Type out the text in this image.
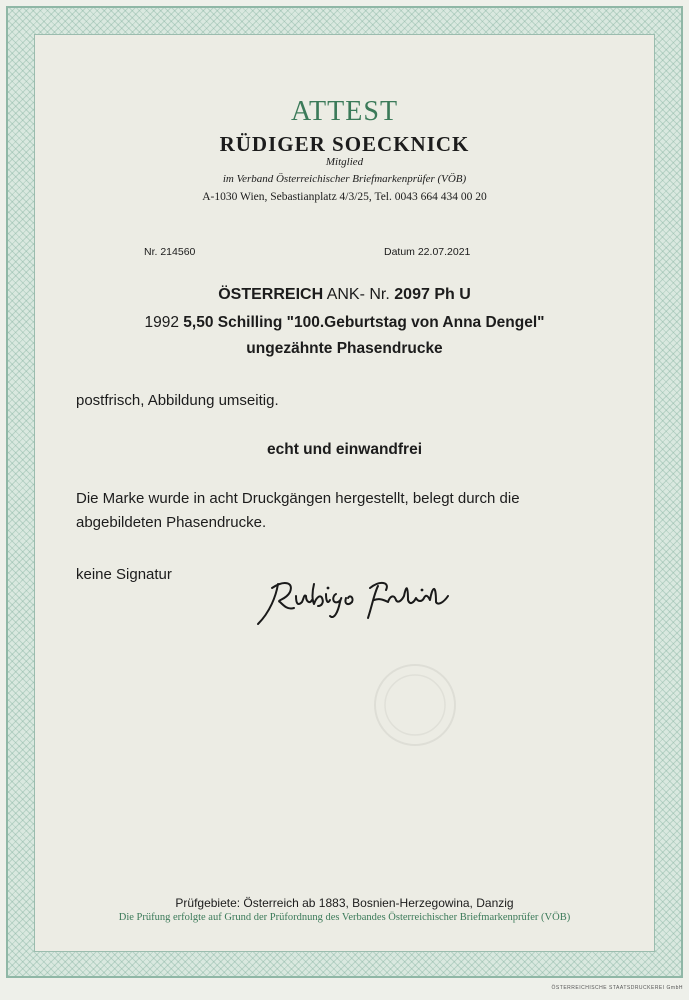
ATTEST
RÜDIGER SOECKNICK
Mitglied
im Verband Österreichischer Briefmarkenprüfer (VÖB)
A-1030 Wien, Sebastianplatz 4/3/25, Tel. 0043 664 434 00 20
Nr. 214560	Datum 22.07.2021
ÖSTERREICH ANK- Nr. 2097 Ph U
1992 5,50 Schilling "100.Geburtstag von Anna Dengel"
ungezähnte Phasendrucke
postfrisch, Abbildung umseitig.
echt und einwandfrei
Die Marke wurde in acht Druckgängen hergestellt, belegt durch die
abgebildeten Phasendrucke.
keine Signatur
Prüfgebiete: Österreich ab 1883, Bosnien-Herzegowina, Danzig
Die Prüfung erfolgte auf Grund der Prüfordnung des Verbandes Österreichischer Briefmarkenprüfer (VÖB)
ÖSTERREICHISCHE STAATSDRUCKEREI GmbH
